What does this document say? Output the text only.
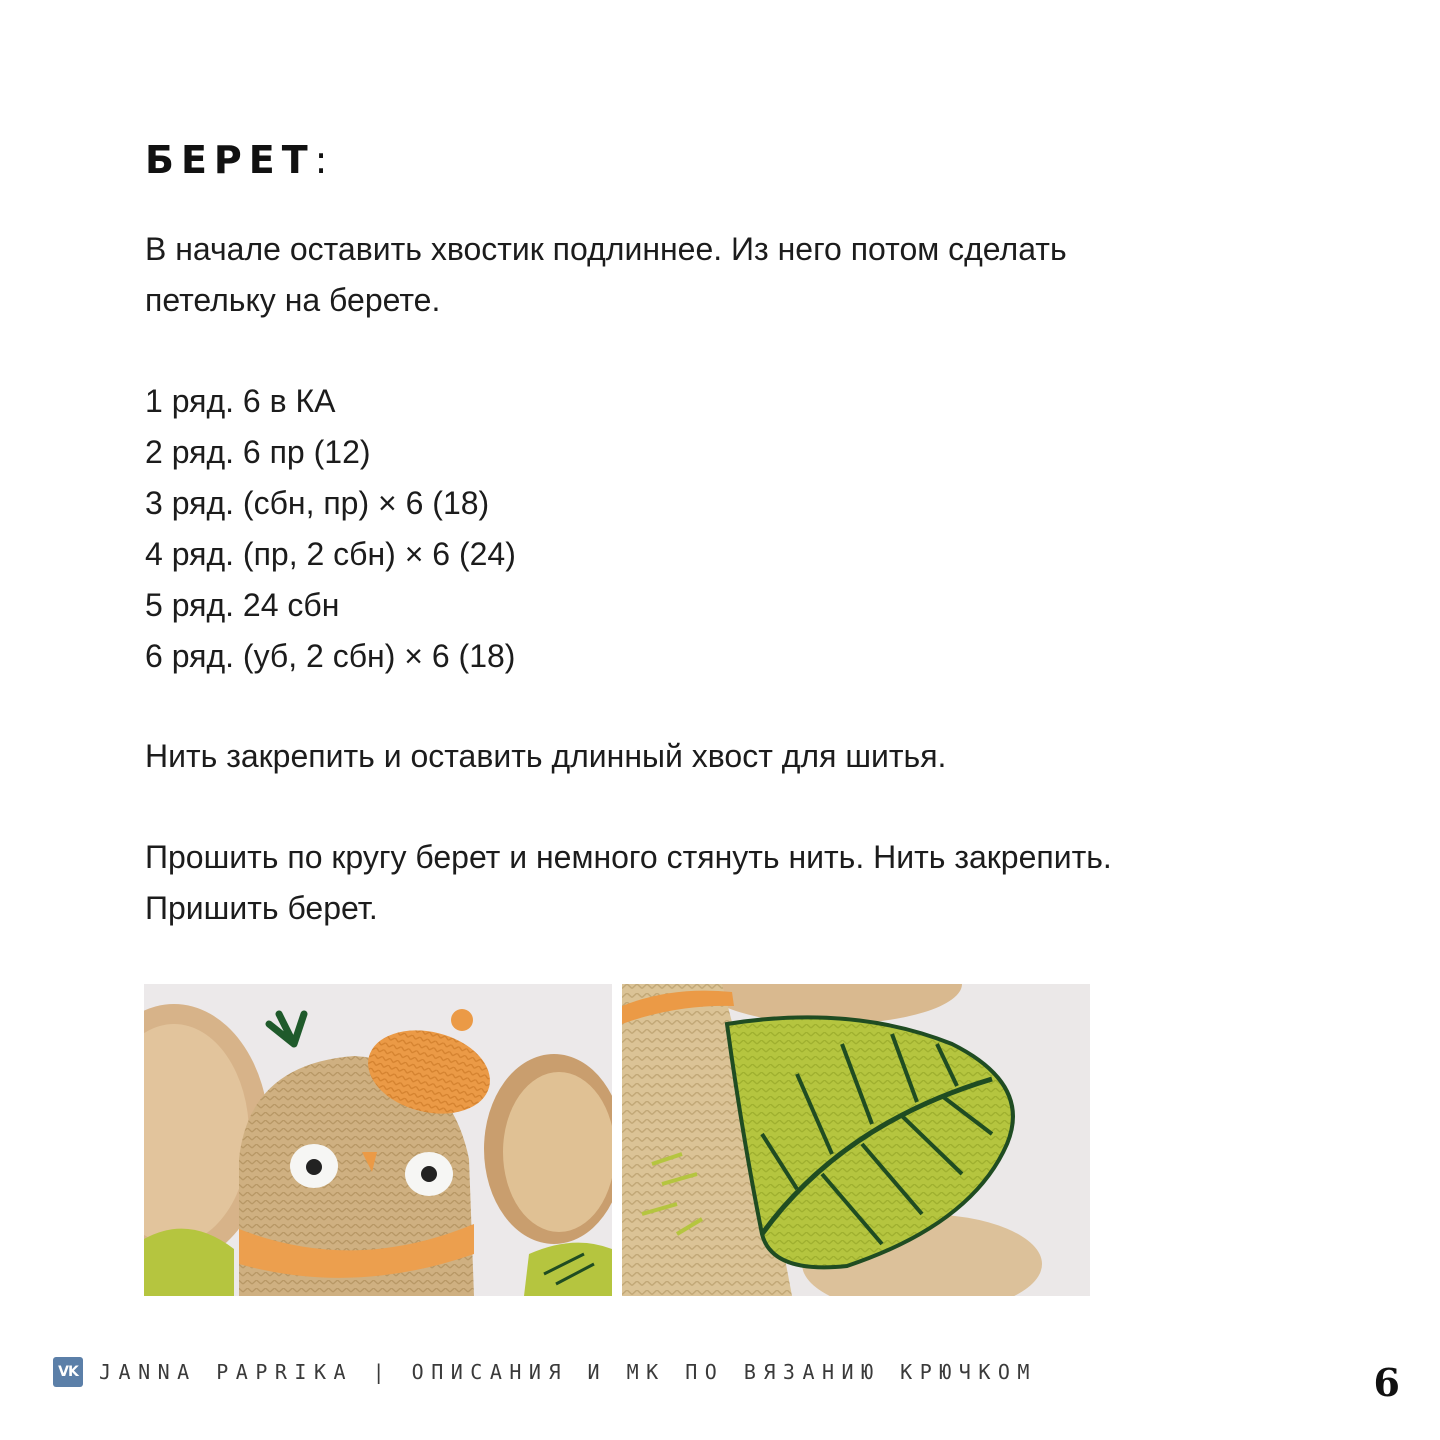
БЕРЕТ:

В начале оставить хвостик подлиннее. Из него потом сделать

петельку на берете.

1 ряд. 6 в КА

2 ряд. 6 пр (12)

3 ряд. (сбн, пр) × 6 (18)

4 ряд. (пр, 2 сбн) × 6 (24)

5 ряд. 24 сбн

6 ряд. (уб, 2 сбн) × 6 (18)

Нить закрепить и оставить длинный хвост для шитья.

Прошить по кругу берет и немного стянуть нить. Нить закрепить.

Пришить берет.

VK JANNA PAPRIKA | ОПИСАНИЯ И МК ПО ВЯЗАНИЮ КРЮЧКОМ	6
